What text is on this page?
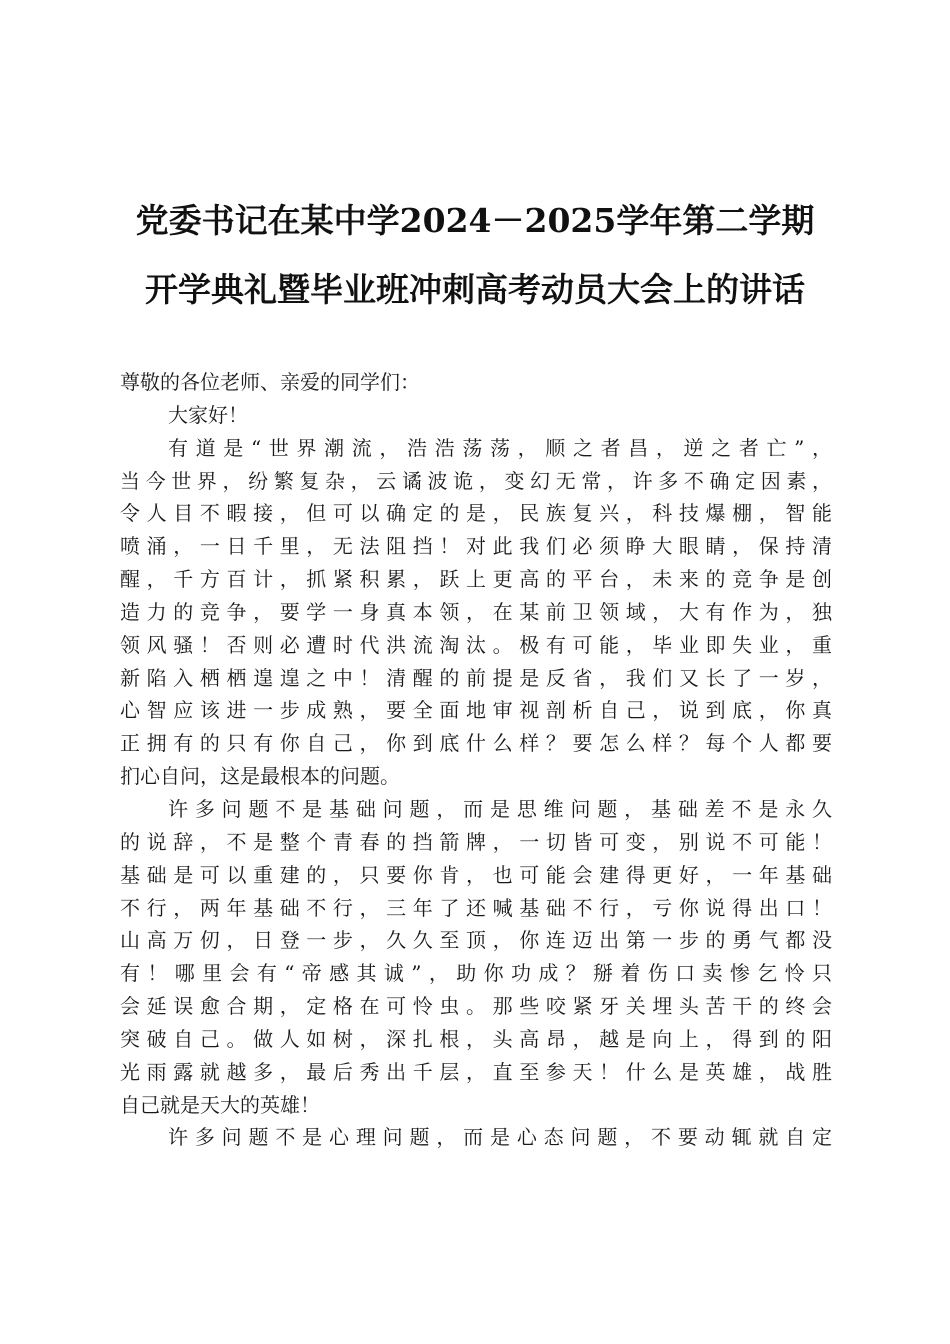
党委书记在某中学2024－2025学年第二学期
开学典礼暨毕业班冲刺高考动员大会上的讲话
尊敬的各位老师、亲爱的同学们：
大家好！
有道是“世界潮流，浩浩荡荡，顺之者昌，逆之者亡”，
当今世界，纷繁复杂，云谲波诡，变幻无常，许多不确定因素，
令人目不暇接，但可以确定的是，民族复兴，科技爆棚，智能
喷涌，一日千里，无法阻挡！对此我们必须睁大眼睛，保持清
醒，千方百计，抓紧积累，跃上更高的平台，未来的竞争是创
造力的竞争，要学一身真本领，在某前卫领域，大有作为，独
领风骚！否则必遭时代洪流淘汰。极有可能，毕业即失业，重
新陷入栖栖遑遑之中！清醒的前提是反省，我们又长了一岁，
心智应该进一步成熟，要全面地审视剖析自己，说到底，你真
正拥有的只有你自己，你到底什么样？要怎么样？每个人都要
扪心自问，这是最根本的问题。
许多问题不是基础问题，而是思维问题，基础差不是永久
的说辞，不是整个青春的挡箭牌，一切皆可变，别说不可能！
基础是可以重建的，只要你肯，也可能会建得更好，一年基础
不行，两年基础不行，三年了还喊基础不行，亏你说得出口！
山高万仞，日登一步，久久至顶，你连迈出第一步的勇气都没
有！哪里会有“帝感其诚”，助你功成？掰着伤口卖惨乞怜只
会延误愈合期，定格在可怜虫。那些咬紧牙关埋头苦干的终会
突破自己。做人如树，深扎根，头高昂，越是向上，得到的阳
光雨露就越多，最后秀出千层，直至参天！什么是英雄，战胜
自己就是天大的英雄！
许多问题不是心理问题，而是心态问题，不要动辄就自定
